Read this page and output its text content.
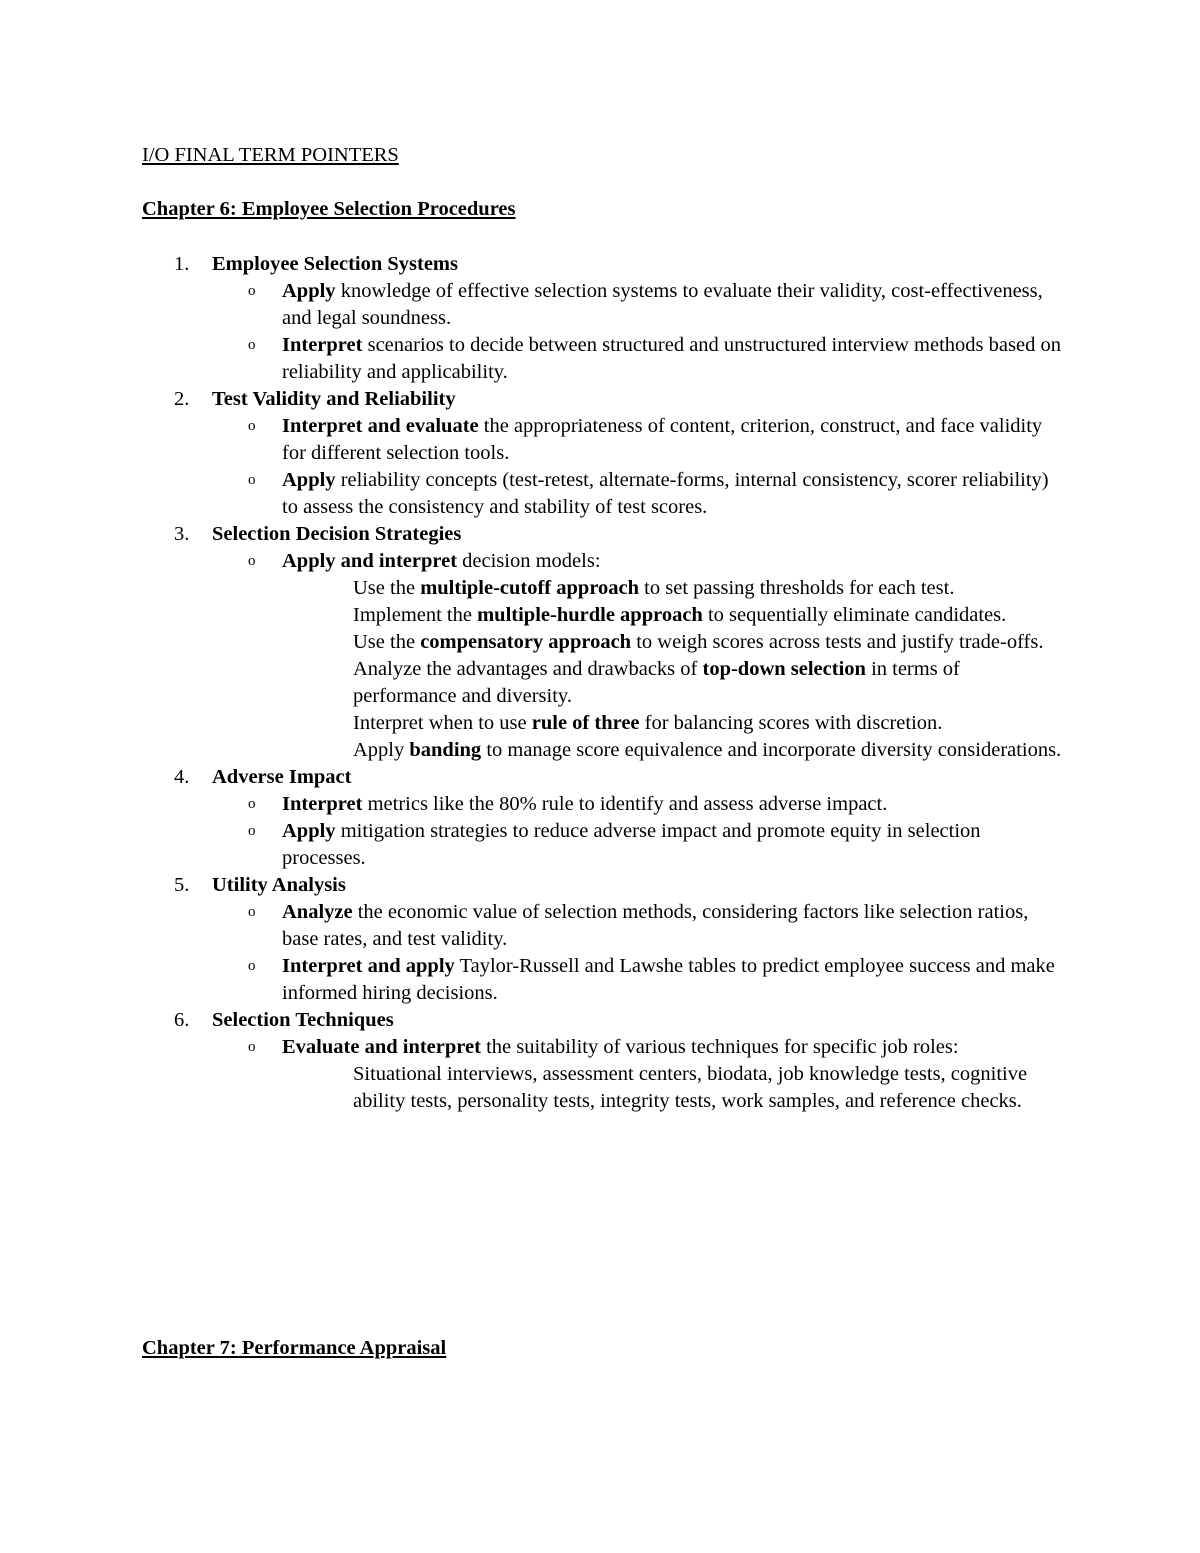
I/O FINAL TERM POINTERS
Chapter 6: Employee Selection Procedures
1. Employee Selection Systems
o Apply knowledge of effective selection systems to evaluate their validity, cost-effectiveness, and legal soundness.
o Interpret scenarios to decide between structured and unstructured interview methods based on reliability and applicability.
2. Test Validity and Reliability
o Interpret and evaluate the appropriateness of content, criterion, construct, and face validity for different selection tools.
o Apply reliability concepts (test-retest, alternate-forms, internal consistency, scorer reliability) to assess the consistency and stability of test scores.
3. Selection Decision Strategies
o Apply and interpret decision models:
Use the multiple-cutoff approach to set passing thresholds for each test.
Implement the multiple-hurdle approach to sequentially eliminate candidates.
Use the compensatory approach to weigh scores across tests and justify trade-offs.
Analyze the advantages and drawbacks of top-down selection in terms of performance and diversity.
Interpret when to use rule of three for balancing scores with discretion.
Apply banding to manage score equivalence and incorporate diversity considerations.
4. Adverse Impact
o Interpret metrics like the 80% rule to identify and assess adverse impact.
o Apply mitigation strategies to reduce adverse impact and promote equity in selection processes.
5. Utility Analysis
o Analyze the economic value of selection methods, considering factors like selection ratios, base rates, and test validity.
o Interpret and apply Taylor-Russell and Lawshe tables to predict employee success and make informed hiring decisions.
6. Selection Techniques
o Evaluate and interpret the suitability of various techniques for specific job roles:
Situational interviews, assessment centers, biodata, job knowledge tests, cognitive ability tests, personality tests, integrity tests, work samples, and reference checks.
Chapter 7: Performance Appraisal
